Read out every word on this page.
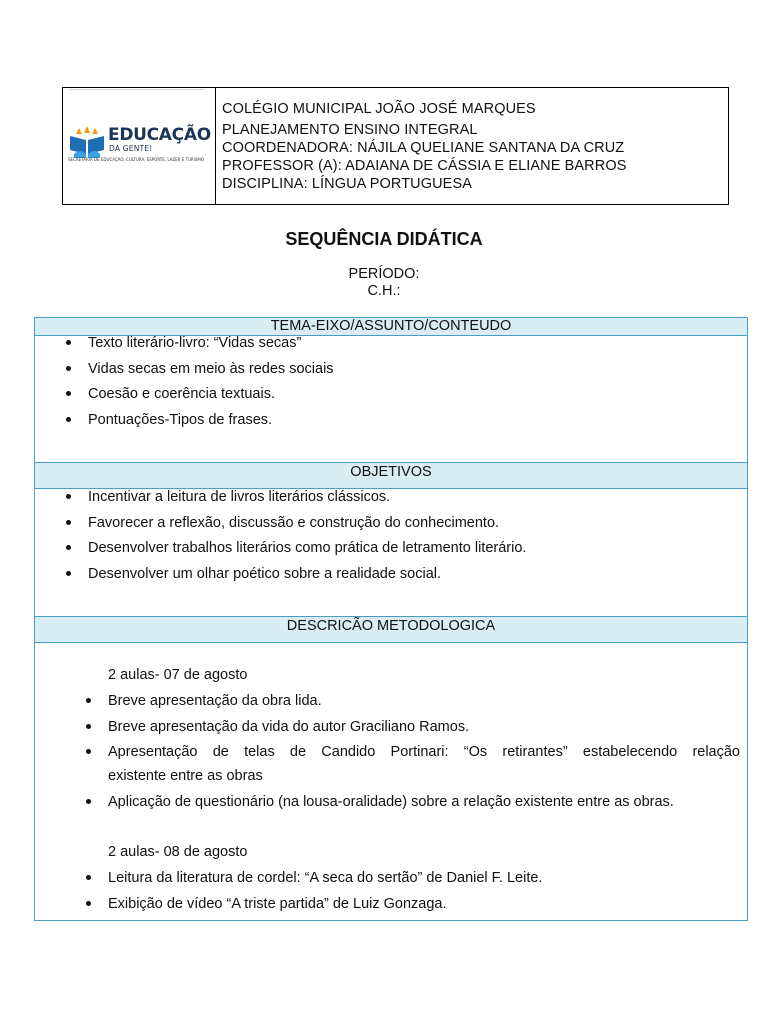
EDUCAÇÃO
DA GENTE!
SECRETARIA DE EDUCAÇÃO, CULTURA, ESPORTE, LAZER E TURISMO
COLÉGIO MUNICIPAL JOÃO JOSÉ MARQUES
PLANEJAMENTO ENSINO INTEGRAL
COORDENADORA: NÁJILA QUELIANE SANTANA DA CRUZ
PROFESSOR (A): ADAIANA DE CÁSSIA E ELIANE BARROS
DISCIPLINA: LÍNGUA PORTUGUESA
SEQUÊNCIA DIDÁTICA
PERÍODO:
C.H.:
TEMA-EIXO/ASSUNTO/CONTEUDO
Texto literário-livro: “Vidas secas”
Vidas secas em meio às redes sociais
Coesão e coerência textuais.
Pontuações-Tipos de frases.
OBJETIVOS
Incentivar a leitura de livros literários clássicos.
Favorecer a reflexão, discussão e construção do conhecimento.
Desenvolver trabalhos literários como prática de letramento literário.
Desenvolver um olhar poético sobre a realidade social.
DESCRICÃO METODOLOGICA
2 aulas- 07 de agosto
Breve apresentação da obra lida.
Breve apresentação da vida do autor Graciliano Ramos.
Apresentação de telas de Candido Portinari: “Os retirantes” estabelecendo relação
existente entre as obras
Aplicação de questionário (na lousa-oralidade) sobre a relação existente entre as obras.
2 aulas- 08 de agosto
Leitura da literatura de cordel: “A seca do sertão” de Daniel F. Leite.
Exibição de vídeo “A triste partida” de Luiz Gonzaga.
